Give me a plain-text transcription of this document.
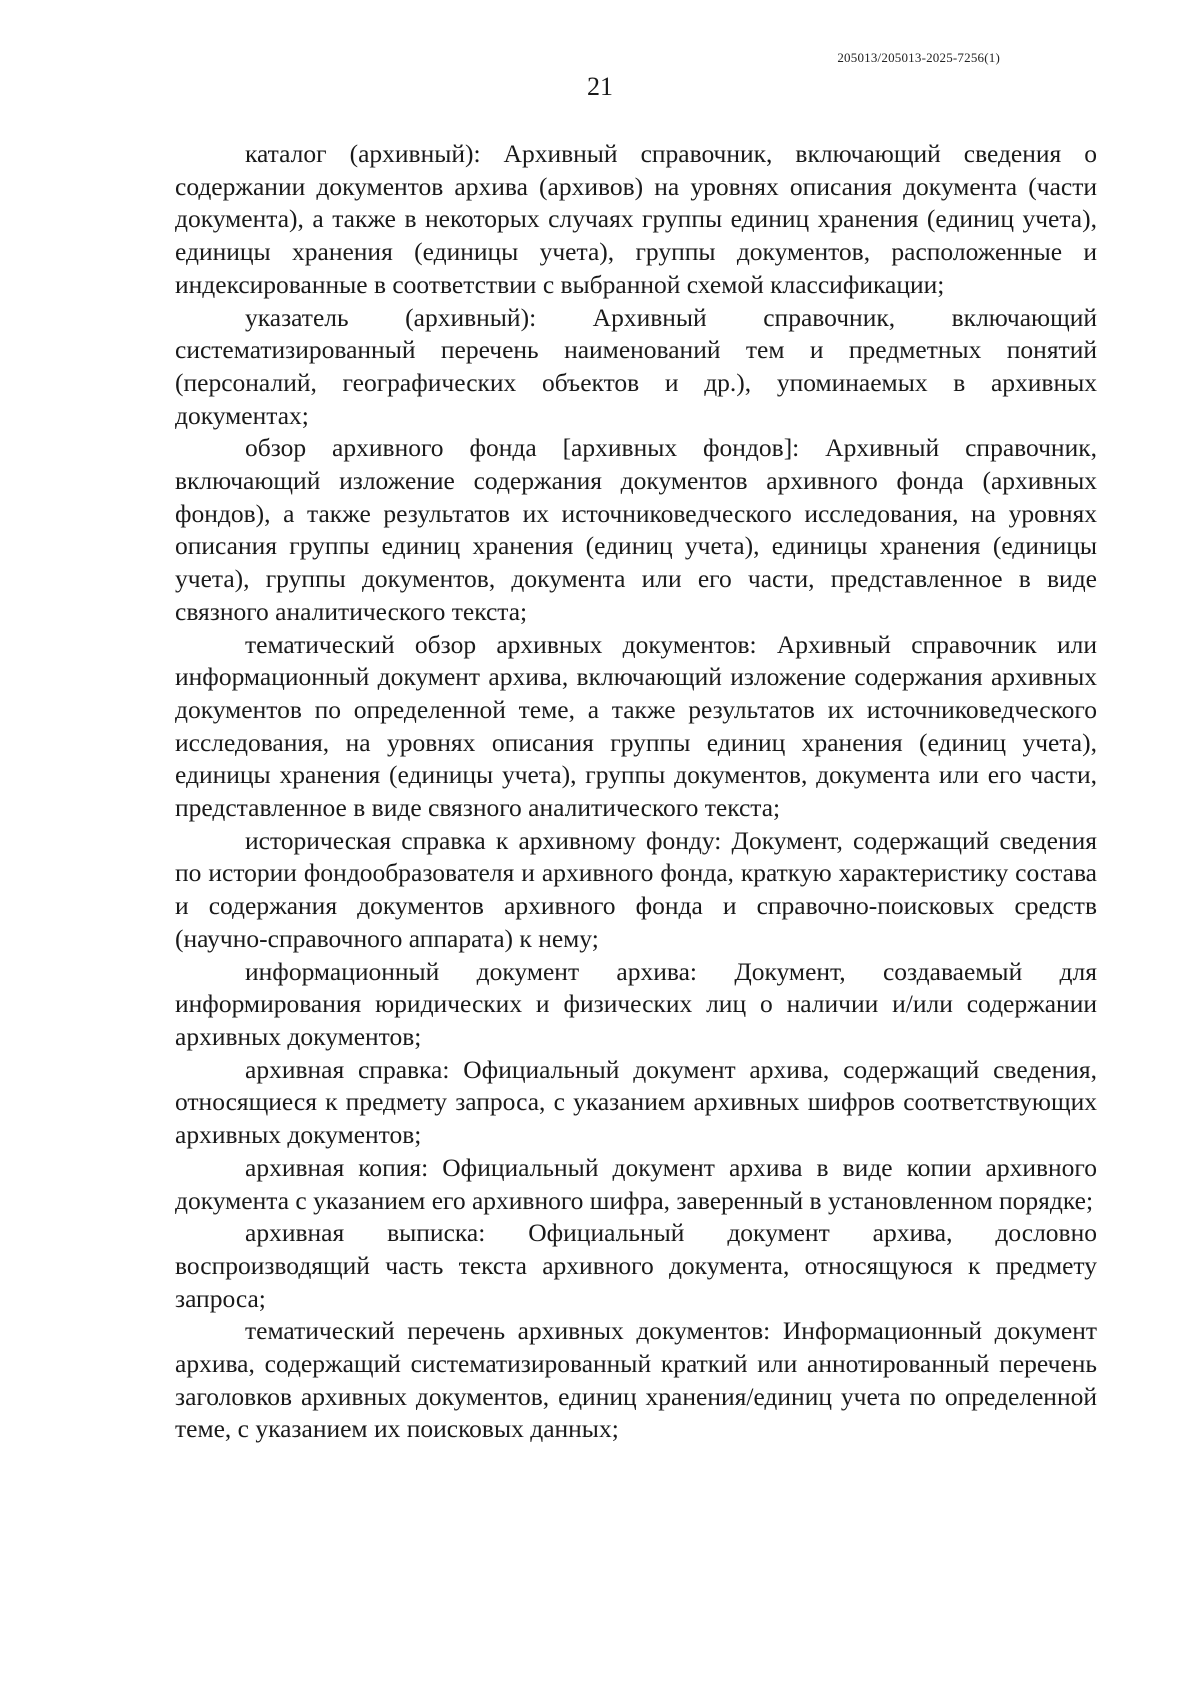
205013/205013-2025-7256(1)
21

каталог (архивный): Архивный справочник, включающий сведения о содержании документов архива (архивов) на уровнях описания документа (части документа), а также в некоторых случаях группы единиц хранения (единиц учета), единицы хранения (единицы учета), группы документов, расположенные и индексированные в соответствии с выбранной схемой классификации;

указатель (архивный): Архивный справочник, включающий систематизированный перечень наименований тем и предметных понятий (персоналий, географических объектов и др.), упоминаемых в архивных документах;

обзор архивного фонда [архивных фондов]: Архивный справочник, включающий изложение содержания документов архивного фонда (архивных фондов), а также результатов их источниковедческого исследования, на уровнях описания группы единиц хранения (единиц учета), единицы хранения (единицы учета), группы документов, документа или его части, представленное в виде связного аналитического текста;

тематический обзор архивных документов: Архивный справочник или информационный документ архива, включающий изложение содержания архивных документов по определенной теме, а также результатов их источниковедческого исследования, на уровнях описания группы единиц хранения (единиц учета), единицы хранения (единицы учета), группы документов, документа или его части, представленное в виде связного аналитического текста;

историческая справка к архивному фонду: Документ, содержащий сведения по истории фондообразователя и архивного фонда, краткую характеристику состава и содержания документов архивного фонда и справочно-поисковых средств (научно-справочного аппарата) к нему;

информационный документ архива: Документ, создаваемый для информирования юридических и физических лиц о наличии и/или содержании архивных документов;

архивная справка: Официальный документ архива, содержащий сведения, относящиеся к предмету запроса, с указанием архивных шифров соответствующих архивных документов;

архивная копия: Официальный документ архива в виде копии архивного документа с указанием его архивного шифра, заверенный в установленном порядке;

архивная выписка: Официальный документ архива, дословно воспроизводящий часть текста архивного документа, относящуюся к предмету запроса;

тематический перечень архивных документов: Информационный документ архива, содержащий систематизированный краткий или аннотированный перечень заголовков архивных документов, единиц хранения/единиц учета по определенной теме, с указанием их поисковых данных;
